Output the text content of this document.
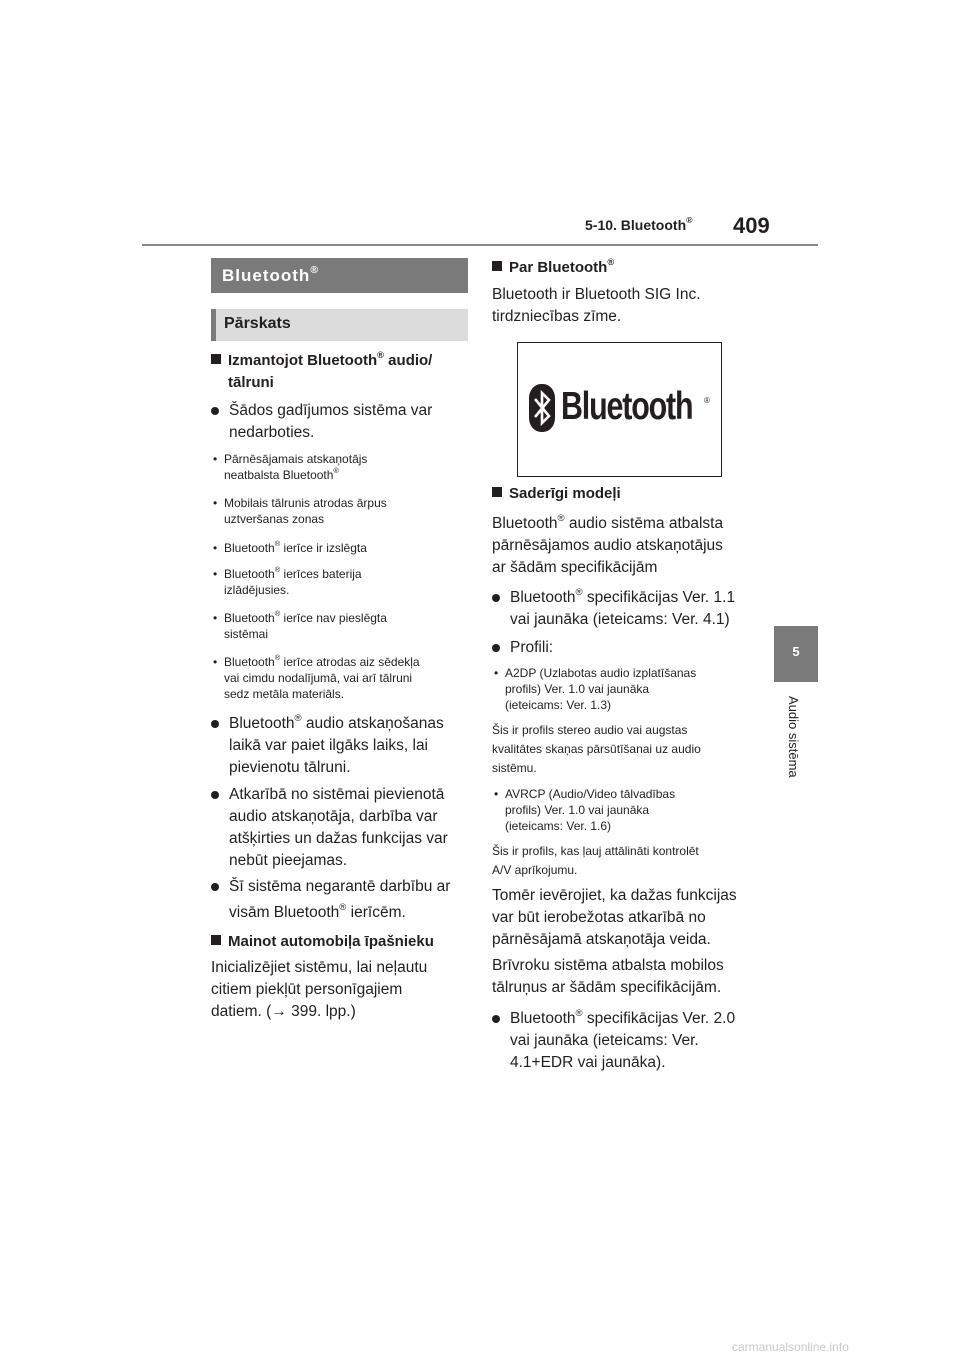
5-10. Bluetooth® 409
5
Audio sistēma
Bluetooth®
Pārskats
Izmantojot Bluetooth® audio/
tālruni
Šādos gadījumos sistēma var
nedarboties.
• Pārnēsājamais atskaņotājs
neatbalsta Bluetooth®
• Mobilais tālrunis atrodas ārpus
uztveršanas zonas
• Bluetooth® ierīce ir izslēgta
• Bluetooth® ierīces baterija
izlādējusies.
• Bluetooth® ierīce nav pieslēgta
sistēmai
• Bluetooth® ierīce atrodas aiz sēdekļa
vai cimdu nodalījumā, vai arī tālruni
sedz metāla materiāls.
Bluetooth® audio atskaņošanas
laikā var paiet ilgāks laiks, lai
pievienotu tālruni.
Atkarībā no sistēmai pievienotā
audio atskaņotāja, darbība var
atšķirties un dažas funkcijas var
nebūt pieejamas.
Šī sistēma negarantē darbību ar
visām Bluetooth® ierīcēm.
Mainot automobiļa īpašnieku
Inicializējiet sistēmu, lai neļautu
citiem piekļūt personīgajiem
datiem. (→ 399. lpp.)
Par Bluetooth®
Bluetooth ir Bluetooth SIG Inc.
tirdzniecības zīme.
Bluetooth ®
Saderīgi modeļi
Bluetooth® audio sistēma atbalsta
pārnēsājamos audio atskaņotājus
ar šādām specifikācijām
Bluetooth® specifikācijas Ver. 1.1
vai jaunāka (ieteicams: Ver. 4.1)
Profili:
• A2DP (Uzlabotas audio izplatīšanas
profils) Ver. 1.0 vai jaunāka
(ieteicams: Ver. 1.3)
Šis ir profils stereo audio vai augstas
kvalitātes skaņas pārsūtīšanai uz audio
sistēmu.
• AVRCP (Audio/Video tālvadības
profils) Ver. 1.0 vai jaunāka
(ieteicams: Ver. 1.6)
Šis ir profils, kas ļauj attālināti kontrolēt
A/V aprīkojumu.
Tomēr ievērojiet, ka dažas funkcijas
var būt ierobežotas atkarībā no
pārnēsājamā atskaņotāja veida.
Brīvroku sistēma atbalsta mobilos
tālruņus ar šādām specifikācijām.
Bluetooth® specifikācijas Ver. 2.0
vai jaunāka (ieteicams: Ver.
4.1+EDR vai jaunāka).
carmanualsonline.info
